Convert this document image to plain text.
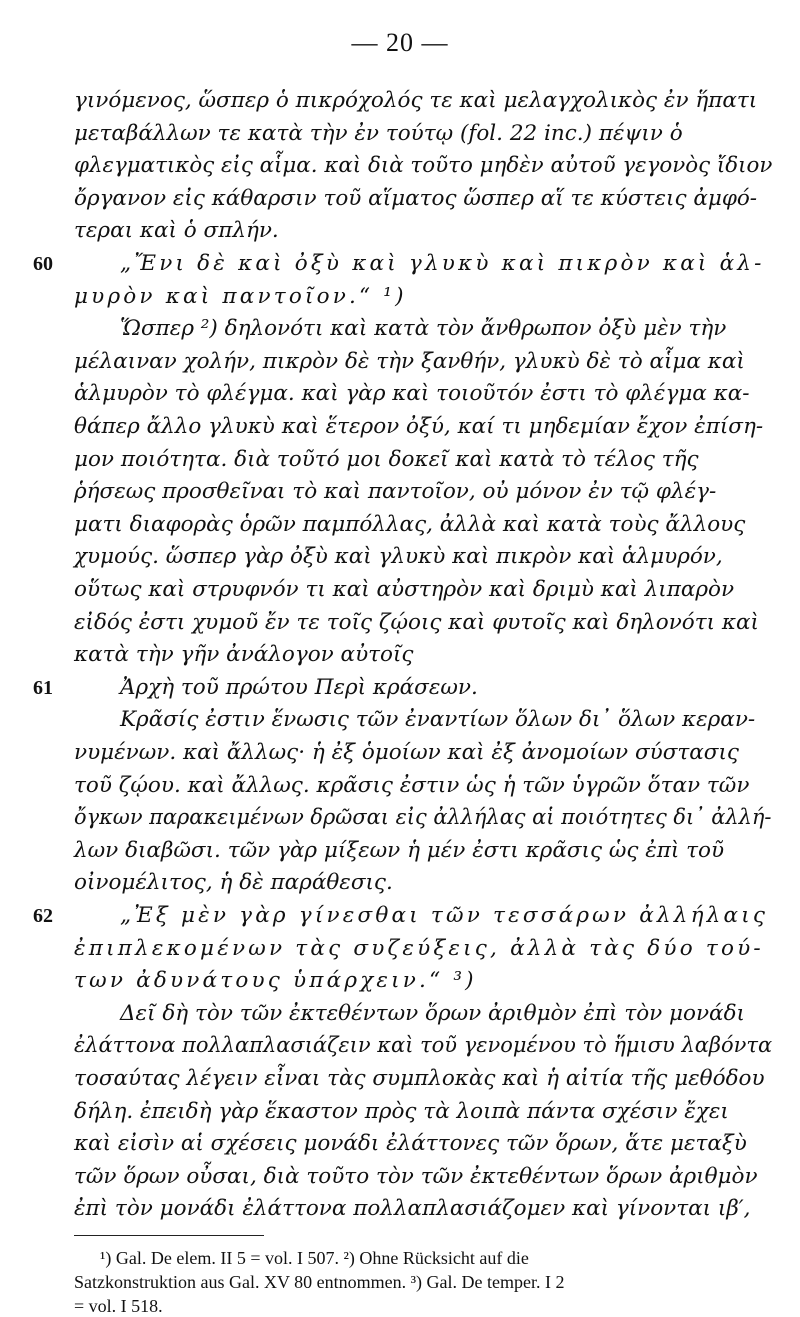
— 20 —
60
61
62
γινόμενος, ὥσπερ ὁ πικρόχολός τε καὶ μελαγχολικὸς ἐν ἥπατι
μεταβάλλων τε κατὰ τὴν ἐν τούτῳ (fol. 22 inc.) πέψιν ὁ
φλεγματικὸς εἰς αἷμα. καὶ διὰ τοῦτο μηδὲν αὐτοῦ γεγονὸς ἴδιον
ὄργανον εἰς κάθαρσιν τοῦ αἵματος ὥσπερ αἵ τε κύστεις ἀμφό-
τεραι καὶ ὁ σπλήν.
„Ἔνι δὲ καὶ ὀξὺ καὶ γλυκὺ καὶ πικρὸν καὶ ἁλ-
μυρὸν καὶ παντοῖον.“ ¹)
Ὥσπερ ²) δηλονότι καὶ κατὰ τὸν ἄνθρωπον ὀξὺ μὲν τὴν
μέλαιναν χολήν, πικρὸν δὲ τὴν ξανθήν, γλυκὺ δὲ τὸ αἷμα καὶ
ἁλμυρὸν τὸ φλέγμα. καὶ γὰρ καὶ τοιοῦτόν ἐστι τὸ φλέγμα κα-
θάπερ ἄλλο γλυκὺ καὶ ἕτερον ὀξύ, καί τι μηδεμίαν ἔχον ἐπίση-
μον ποιότητα. διὰ τοῦτό μοι δοκεῖ καὶ κατὰ τὸ τέλος τῆς
ῥήσεως προσθεῖναι τὸ καὶ παντοῖον, οὐ μόνον ἐν τῷ φλέγ-
ματι διαφορὰς ὁρῶν παμπόλλας, ἀλλὰ καὶ κατὰ τοὺς ἄλλους
χυμούς. ὥσπερ γὰρ ὀξὺ καὶ γλυκὺ καὶ πικρὸν καὶ ἁλμυρόν,
οὕτως καὶ στρυφνόν τι καὶ αὐστηρὸν καὶ δριμὺ καὶ λιπαρὸν
εἰδός ἐστι χυμοῦ ἔν τε τοῖς ζῴοις καὶ φυτοῖς καὶ δηλονότι καὶ
κατὰ τὴν γῆν ἀνάλογον αὐτοῖς
Ἀρχὴ τοῦ πρώτου Περὶ κράσεων.
Κρᾶσίς ἐστιν ἕνωσις τῶν ἐναντίων ὅλων δι᾽ ὅλων κεραν-
νυμένων. καὶ ἄλλως· ἡ ἐξ ὁμοίων καὶ ἐξ ἀνομοίων σύστασις
τοῦ ζῴου. καὶ ἄλλως. κρᾶσις ἐστιν ὡς ἡ τῶν ὑγρῶν ὅταν τῶν
ὄγκων παρακειμένων δρῶσαι εἰς ἀλλήλας αἱ ποιότητες δι᾽ ἀλλή-
λων διαβῶσι. τῶν γὰρ μίξεων ἡ μέν ἐστι κρᾶσις ὡς ἐπὶ τοῦ
οἰνομέλιτος, ἡ δὲ παράθεσις.
„Ἐξ μὲν γὰρ γίνεσθαι τῶν τεσσάρων ἀλλήλαις
ἐπιπλεκομένων τὰς συζεύξεις, ἀλλὰ τὰς δύο τού-
των ἀδυνάτους ὑπάρχειν.“ ³)
Δεῖ δὴ τὸν τῶν ἐκτεθέντων ὅρων ἀριθμὸν ἐπὶ τὸν μονάδι
ἐλάττονα πολλαπλασιάζειν καὶ τοῦ γενομένου τὸ ἥμισυ λαβόντα
τοσαύτας λέγειν εἶναι τὰς συμπλοκὰς καὶ ἡ αἰτία τῆς μεθόδου
δήλη. ἐπειδὴ γὰρ ἕκαστον πρὸς τὰ λοιπὰ πάντα σχέσιν ἔχει
καὶ εἰσὶν αἱ σχέσεις μονάδι ἐλάττονες τῶν ὅρων, ἅτε μεταξὺ
τῶν ὅρων οὖσαι, διὰ τοῦτο τὸν τῶν ἐκτεθέντων ὅρων ἀριθμὸν
ἐπὶ τὸν μονάδι ἐλάττονα πολλαπλασιάζομεν καὶ γίνονται ιβ′,
¹) Gal. De elem. II 5 = vol. I 507. ²) Ohne Rücksicht auf die
Satzkonstruktion aus Gal. XV 80 entnommen. ³) Gal. De temper. I 2
= vol. I 518.
